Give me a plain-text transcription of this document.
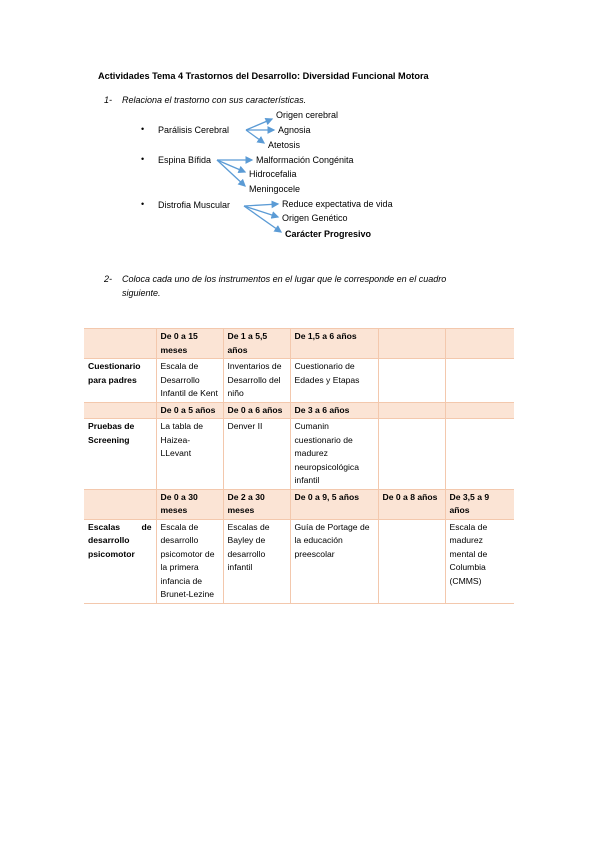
Actividades Tema 4 Trastornos del Desarrollo: Diversidad Funcional Motora
1- Relaciona el trastorno con sus características.
• Parálisis Cerebral
Origen cerebral
Agnosia
Atetosis
• Espina Bífida	Malformación Congénita
Hidrocefalia
Meningocele
• Distrofia Muscular	Reduce expectativa de vida
Origen Genético
Carácter Progresivo
2- Coloca cada uno de los instrumentos en el lugar que le corresponde en el cuadro
siguiente.
	De 0 a 15 meses	De 1 a 5,5 años	De 1,5 a 6 años		
Cuestionario para padres	Escala de Desarrollo Infantil de Kent	Inventarios de Desarrollo del niño	Cuestionario de Edades y Etapas		
	De 0 a 5 años	De 0 a 6 años	De 3 a 6 años		
Pruebas de Screening	La tabla de Haizea-LLevant	Denver II	Cumanin cuestionario de madurez neuropsicológica infantil		
	De 0 a 30 meses	De 2 a 30 meses	De 0 a 9, 5 años	De 0 a 8 años	De 3,5 a 9 años
Escalas de desarrollo psicomotor	Escala de desarrollo psicomotor de la primera infancia de Brunet-Lezine	Escalas de Bayley de desarrollo infantil	Guía de Portage de la educación preescolar		Escala de madurez mental de Columbia (CMMS)
